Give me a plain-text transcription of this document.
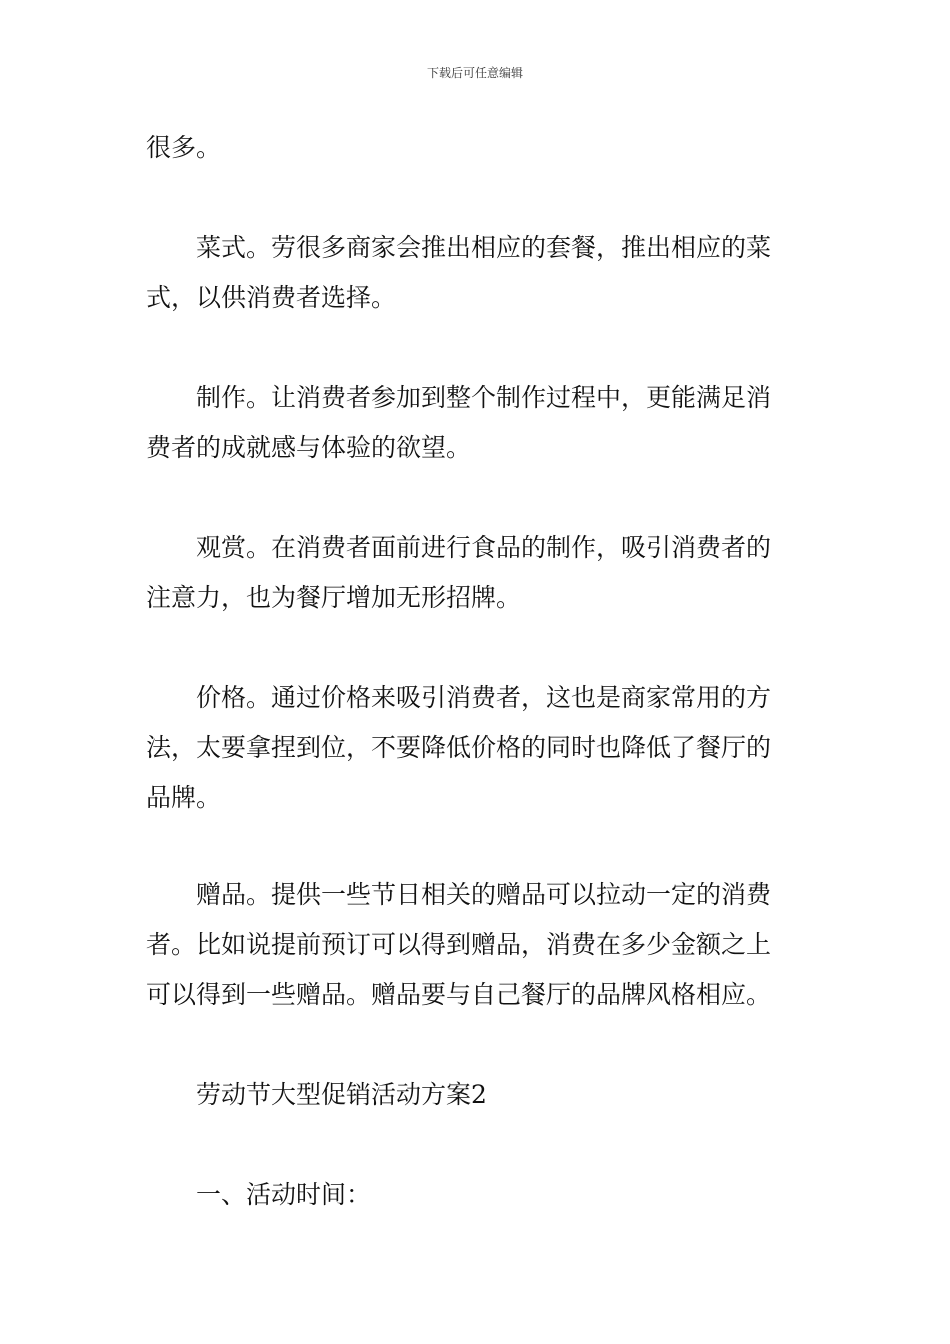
下载后可任意编辑

很多。

菜式。劳很多商家会推出相应的套餐，推出相应的菜
式，以供消费者选择。

制作。让消费者参加到整个制作过程中，更能满足消
费者的成就感与体验的欲望。

观赏。在消费者面前进行食品的制作，吸引消费者的
注意力，也为餐厅增加无形招牌。

价格。通过价格来吸引消费者，这也是商家常用的方
法，太要拿捏到位，不要降低价格的同时也降低了餐厅的
品牌。

赠品。提供一些节日相关的赠品可以拉动一定的消费
者。比如说提前预订可以得到赠品，消费在多少金额之上
可以得到一些赠品。赠品要与自己餐厅的品牌风格相应。

劳动节大型促销活动方案2

一、活动时间：
